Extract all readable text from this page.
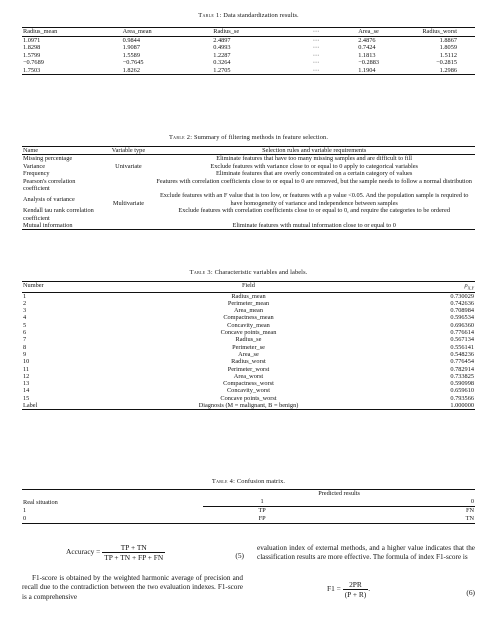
Table 1: Data standardization results.
Radius_mean	Area_mean	Radius_se	···	Area_se	Radius_worst
1.0971	0.9844	2.4897	···	2.4876	1.8867
1.8298	1.9087	0.4993	···	0.7424	1.8059
1.5799	1.5589	1.2287	···	1.1813	1.5112
−0.7689	−0.7645	0.3264	···	−0.2883	−0.2815
1.7503	1.8262	1.2705	···	1.1904	1.2986
Table 2: Summary of filtering methods in feature selection.
Name	Variable type	Selection rules and variable requirements
Missing percentage	Univariate	Eliminate features that have too many missing samples and are difficult to fill
Variance		Exclude features with variance close to or equal to 0 apply to categorical variables
Frequency		Eliminate features that are overly concentrated on a certain category of values
Pearson's correlation coefficient	Multivariate	Features with correlation coefficients close to or equal to 0 are removed, but the sample needs to follow a normal distribution
Analysis of variance		Exclude features with an F value that is too low, or features with a p value <0.05. And the population sample is required to have homogeneity of variance and independence between samples
Kendall tau rank correlation coefficient		Exclude features with correlation coefficients close to or equal to 0, and require the categories to be ordered
Mutual information		Eliminate features with mutual information close to or equal to 0
Table 3: Characteristic variables and labels.
Number	Field	$\rho_{X,Y}$
1	Radius_mean	0.730029
2	Perimeter_mean	0.742636
3	Area_mean	0.708984
4	Compactness_mean	0.596534
5	Concavity_mean	0.696360
6	Concave points_mean	0.776614
7	Radius_se	0.567134
8	Perimeter_se	0.556141
9	Area_se	0.548236
10	Radius_worst	0.776454
11	Perimeter_worst	0.782914
12	Area_worst	0.733825
13	Compactness_worst	0.590998
14	Concavity_worst	0.659610
15	Concave points_worst	0.793566
Label	Diagnosis (M = malignant, B = benign)	1.000000
Table 4: Confusion matrix.
Real situation	Predicted results	
	1	0
1	TP	FN
0	FP	TN
Accuracy = $\frac{TP + TN}{TP + TN + FP + FN}$	(5)
F1-score is obtained by the weighted harmonic average of precision and recall due to the contradiction between the two evaluation indexes. F1-score is a comprehensive
evaluation index of external methods, and a higher value indicates that the classification results are more effective. The formula of index F1-score is
$F1 = \frac{2PR}{(P + R)}$ .	(6)
